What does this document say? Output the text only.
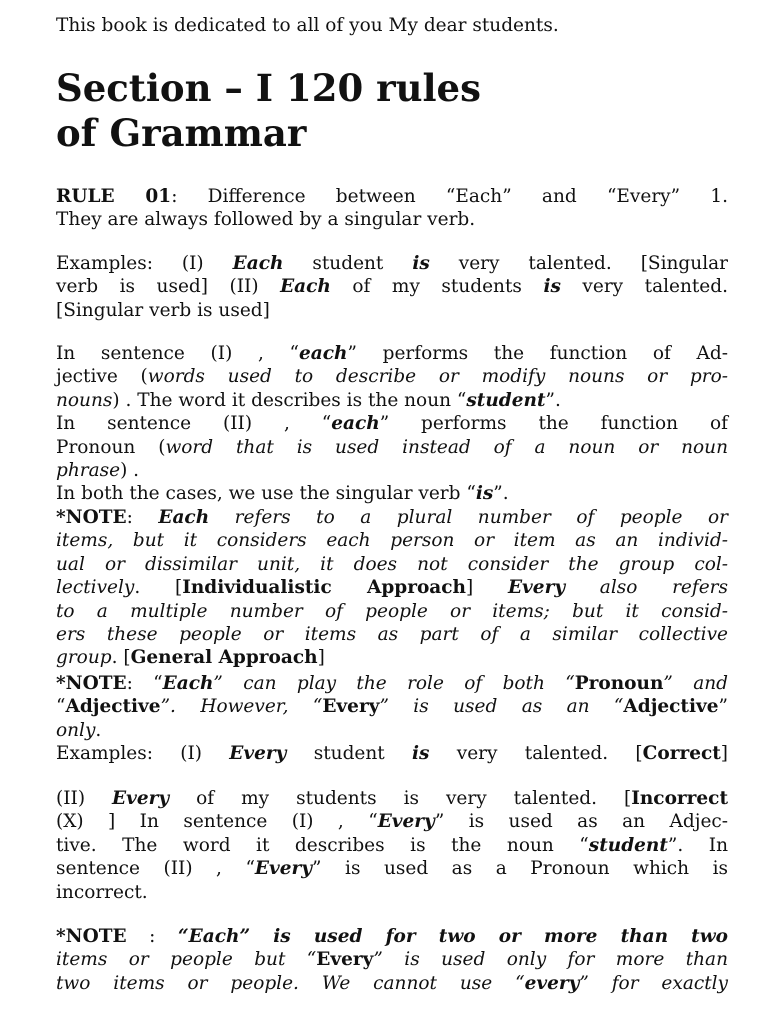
This book is dedicated to all of you My dear students.
Section – I 120 rules
of Grammar

RULE 01: Difference between “Each” and “Every” 1.
They are always followed by a singular verb.

Examples: (I) Each student is very talented. [Singular
verb is used] (II) Each of my students is very talented.
[Singular verb is used]

In sentence (I) , “each” performs the function of Ad-
jective (words used to describe or modify nouns or pro-
nouns) . The word it describes is the noun “student”.
In sentence (II) , “each” performs the function of
Pronoun (word that is used instead of a noun or noun
phrase) .
In both the cases, we use the singular verb “is”.

*NOTE: Each refers to a plural number of people or
items, but it considers each person or item as an individ-
ual or dissimilar unit, it does not consider the group col-
lectively. [Individualistic Approach] Every also refers
to a multiple number of people or items; but it consid-
ers these people or items as part of a similar collective
group. [General Approach]

*NOTE: “Each” can play the role of both “Pronoun” and
“Adjective”. However, “Every” is used as an “Adjective”
only.
Examples: (I) Every student is very talented. [Correct]

(II) Every of my students is very talented. [Incorrect
(X) ] In sentence (I) , “Every” is used as an Adjec-
tive. The word it describes is the noun “student”. In
sentence (II) , “Every” is used as a Pronoun which is
incorrect.

*NOTE : “Each” is used for two or more than two
items or people but “Every” is used only for more than
two items or people. We cannot use “every” for exactly
